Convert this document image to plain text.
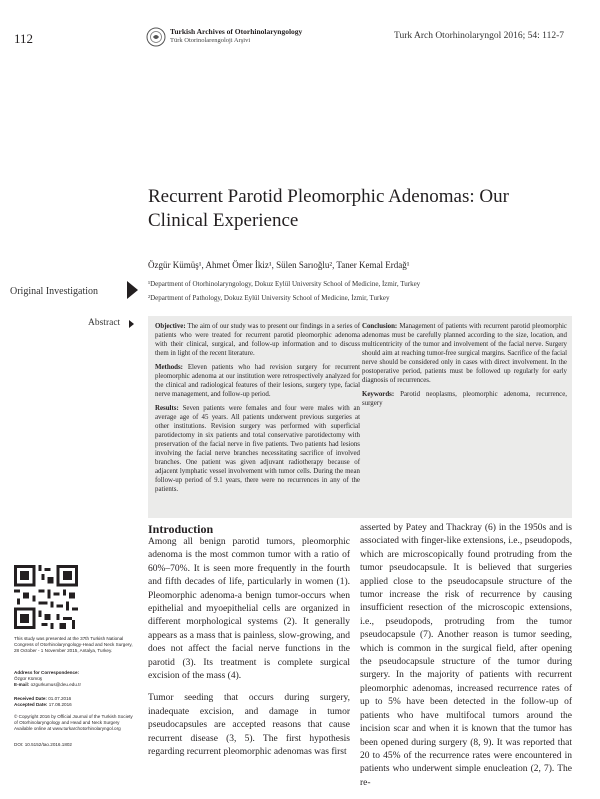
112	Turkish Archives of Otorhinolaryngology
Türk Otorinolarengoloji Arşivi	Turk Arch Otorhinolaryngol 2016; 54: 112-7
Recurrent Parotid Pleomorphic Adenomas: Our Clinical Experience
Özgür Kümüş¹, Ahmet Ömer İkiz¹, Sülen Sarıoğlu², Taner Kemal Erdağ¹
¹Department of Otorhinolaryngology, Dokuz Eylül University School of Medicine, İzmir, Turkey
²Department of Pathology, Dokuz Eylül University School of Medicine, İzmir, Turkey
Original Investigation
Abstract	Objective: The aim of our study was to present our findings in a series of patients who were treated for recurrent parotid pleomorphic adenoma with their clinical, surgical, and follow-up information and to discuss them in light of the recent literature.

Methods: Eleven patients who had revision surgery for recurrent pleomorphic adenoma at our institution were retrospectively analyzed for the clinical and radiological features of their lesions, surgery type, facial nerve management, and follow-up period.

Results: Seven patients were females and four were males with an average age of 45 years. All patients underwent previous surgeries at other institutions. Revision surgery was performed with superficial parotidectomy in six patients and total conservative parotidectomy with preservation of the facial nerve in five patients. Two patients had lesions involving the facial nerve branches necessitating sacrifice of involved branches. One patient was given adjuvant radiotherapy because of adjacent lymphatic vessel involvement with tumor cells. During the mean follow-up period of 9.1 years, there were no recurrences in any of the patients.

Conclusion: Management of patients with recurrent parotid pleomorphic adenomas must be carefully planned according to the size, location, and multicentricity of the tumor and involvement of the facial nerve. Surgery should aim at reaching tumor-free surgical margins. Sacrifice of the facial nerve should be considered only in cases with direct involvement. In the postoperative period, patients must be followed up regularly for early diagnosis of recurrences.

Keywords: Parotid neoplasms, pleomorphic adenoma, recurrence, surgery

Introduction

Among all benign parotid tumors, pleomorphic adenoma is the most common tumor with a ratio of 60%–70%. It is seen more frequently in the fourth and fifth decades of life, particularly in women (1). Pleomorphic adenoma-a benign tumor-occurs when epithelial and myoepithelial cells are organized in different morphological systems (2). It generally appears as a mass that is painless, slow-growing, and does not affect the facial nerve functions in the parotid (3). Its treatment is complete surgical excision of the mass (4).

Tumor seeding that occurs during surgery, inadequate excision, and damage in tumor pseudocapsules are accepted reasons that cause recurrent disease (3, 5). The first hypothesis regarding recurrent pleomorphic adenomas was first

asserted by Patey and Thackray (6) in the 1950s and is associated with finger-like extensions, i.e., pseudopods, which are microscopically found protruding from the tumor pseudocapsule. It is believed that surgeries applied close to the pseudocapsule structure of the tumor increase the risk of recurrence by causing insufficient resection of the microscopic extensions, i.e., pseudopods, protruding from the tumor pseudocapsule (7). Another reason is tumor seeding, which is common in the surgical field, after opening the pseudocapsule structure of the tumor during surgery. In the majority of patients with recurrent pleomorphic adenomas, increased recurrence rates of up to 5% have been detected in the follow-up of patients who have multifocal tumors around the incision scar and when it is known that the tumor has been opened during surgery (8, 9). It was reported that 20 to 45% of the recurrence rates were encountered in patients who underwent simple enucleation (2, 7). The re-

This study was presented at the 37th Turkish National Congress of Otorhinolaryngology-Head and Neck Surgery, 28 October - 1 November 2015, Antalya, Turkey.
Address for Correspondence:
Özgür Kümüş
E-mail: ozgurkumus@deu.edu.tr
Received Date: 01.07.2016
Accepted Date: 17.08.2016
© Copyright 2016 by Official Journal of the Turkish Society of Otorhinolaryngology and Head and Neck Surgery Available online at www.turkarchotorhinolaryngol.org
DOI: 10.5152/tao.2016.1802
